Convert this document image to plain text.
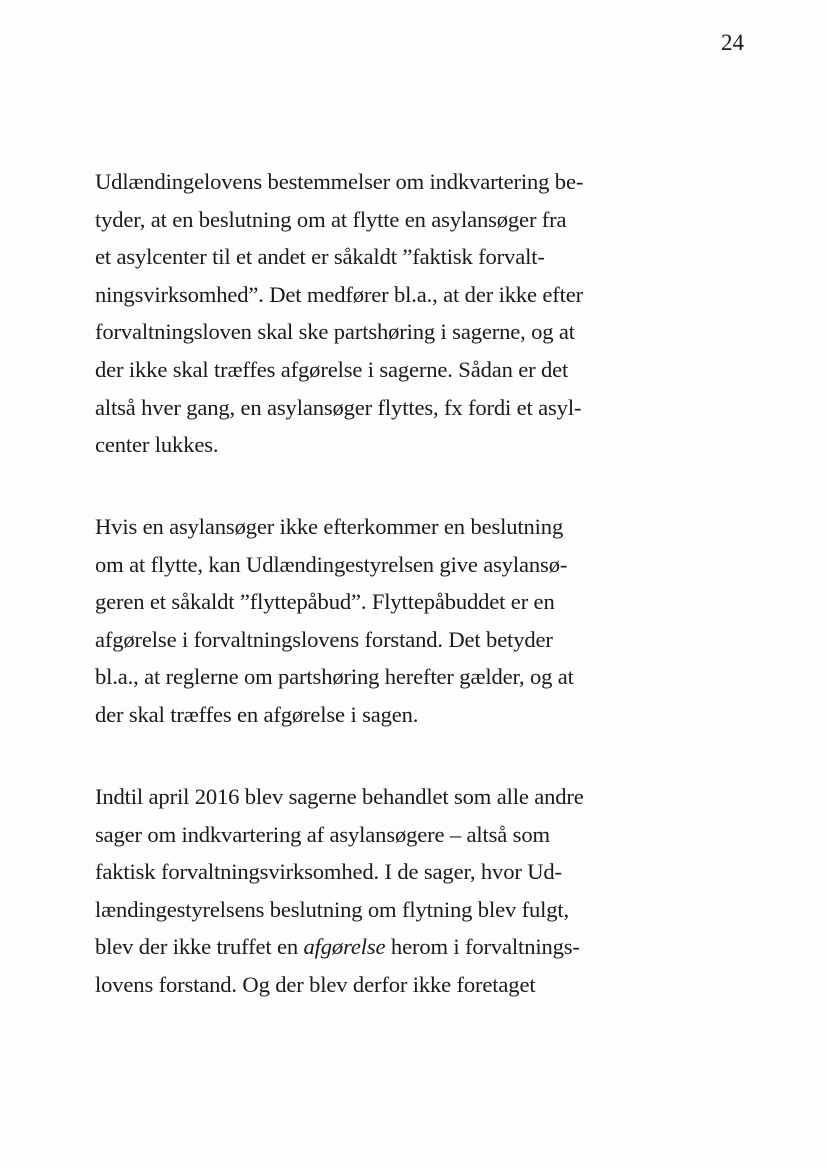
24
Udlændingelovens bestemmelser om indkvartering be-
tyder, at en beslutning om at flytte en asylansøger fra
et asylcenter til et andet er såkaldt ”faktisk forvalt-
ningsvirksomhed”. Det medfører bl.a., at der ikke efter
forvaltningsloven skal ske partshøring i sagerne, og at
der ikke skal træffes afgørelse i sagerne. Sådan er det
altså hver gang, en asylansøger flyttes, fx fordi et asyl-
center lukkes.
Hvis en asylansøger ikke efterkommer en beslutning
om at flytte, kan Udlændingestyrelsen give asylansø-
geren et såkaldt ”flyttepåbud”. Flyttepåbuddet er en
afgørelse i forvaltningslovens forstand. Det betyder
bl.a., at reglerne om partshøring herefter gælder, og at
der skal træffes en afgørelse i sagen.
Indtil april 2016 blev sagerne behandlet som alle andre
sager om indkvartering af asylansøgere – altså som
faktisk forvaltningsvirksomhed. I de sager, hvor Ud-
lændingestyrelsens beslutning om flytning blev fulgt,
blev der ikke truffet en afgørelse herom i forvaltnings-
lovens forstand. Og der blev derfor ikke foretaget
